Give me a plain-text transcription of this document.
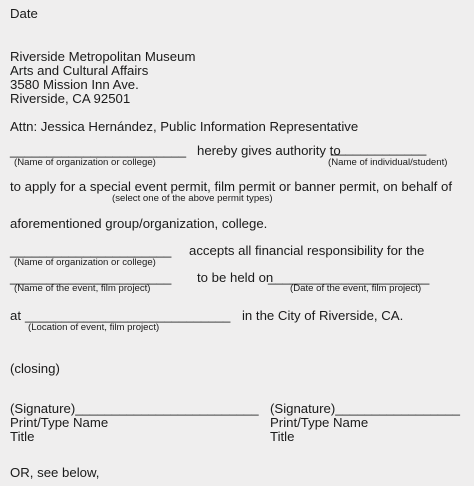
Date
Riverside Metropolitan Museum
Arts and Cultural Affairs
3580 Mission Inn Ave.
Riverside, CA 92501
Attn: Jessica Hernández, Public Information Representative
________________________ hereby gives authority to
_____________
(Name of organization or college)	(Name of individual/student)
to apply for a special event permit, film permit or banner permit, on behalf of
(select one of the above permit types)
aforementioned group/organization, college.
______________________ accepts all financial responsibility for the
(Name of organization or college)
______________________ to be held on
______________________
(Name of the event, film project)	(Date of the event, film project)
at ____________________________ in the City of Riverside, CA.
(Location of event, film project)
(closing)
(Signature)_________________________
Print/Type Name
Title
(Signature)_________________
Print/Type Name
Title
OR, see below,
